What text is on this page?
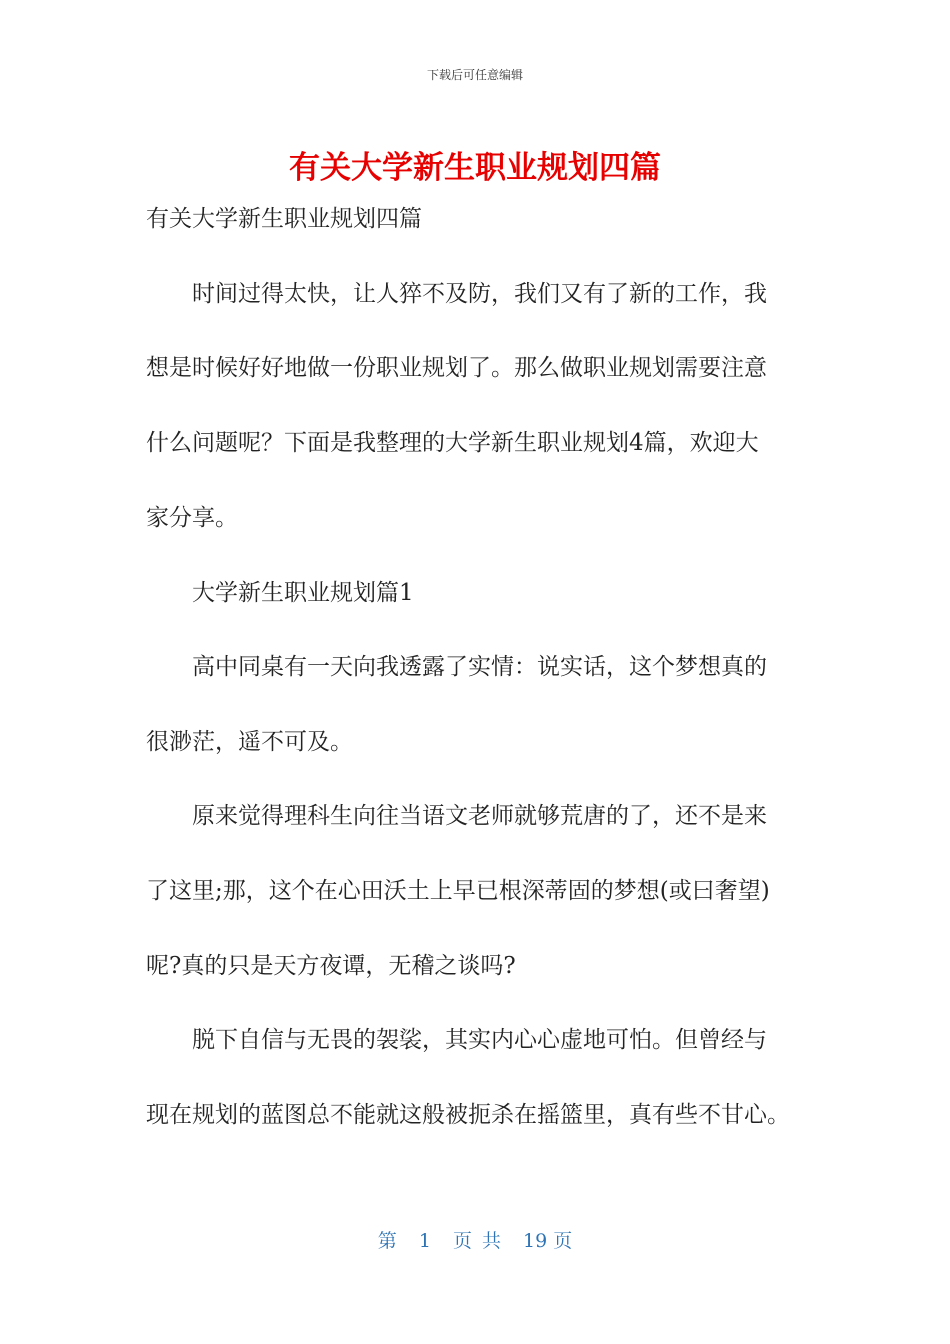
下载后可任意编辑
有关大学新生职业规划四篇
有关大学新生职业规划四篇
　　时间过得太快，让人猝不及防，我们又有了新的工作，我
想是时候好好地做一份职业规划了。那么做职业规划需要注意
什么问题呢？下面是我整理的大学新生职业规划4篇，欢迎大
家分享。
　　大学新生职业规划篇1
　　高中同桌有一天向我透露了实情：说实话，这个梦想真的
很渺茫，遥不可及。
　　原来觉得理科生向往当语文老师就够荒唐的了，还不是来
了这里;那，这个在心田沃土上早已根深蒂固的梦想(或曰奢望)
呢?真的只是天方夜谭，无稽之谈吗?
　　脱下自信与无畏的袈裟，其实内心心虚地可怕。但曾经与
现在规划的蓝图总不能就这般被扼杀在摇篮里，真有些不甘心。
第 1 页 共 19 页
